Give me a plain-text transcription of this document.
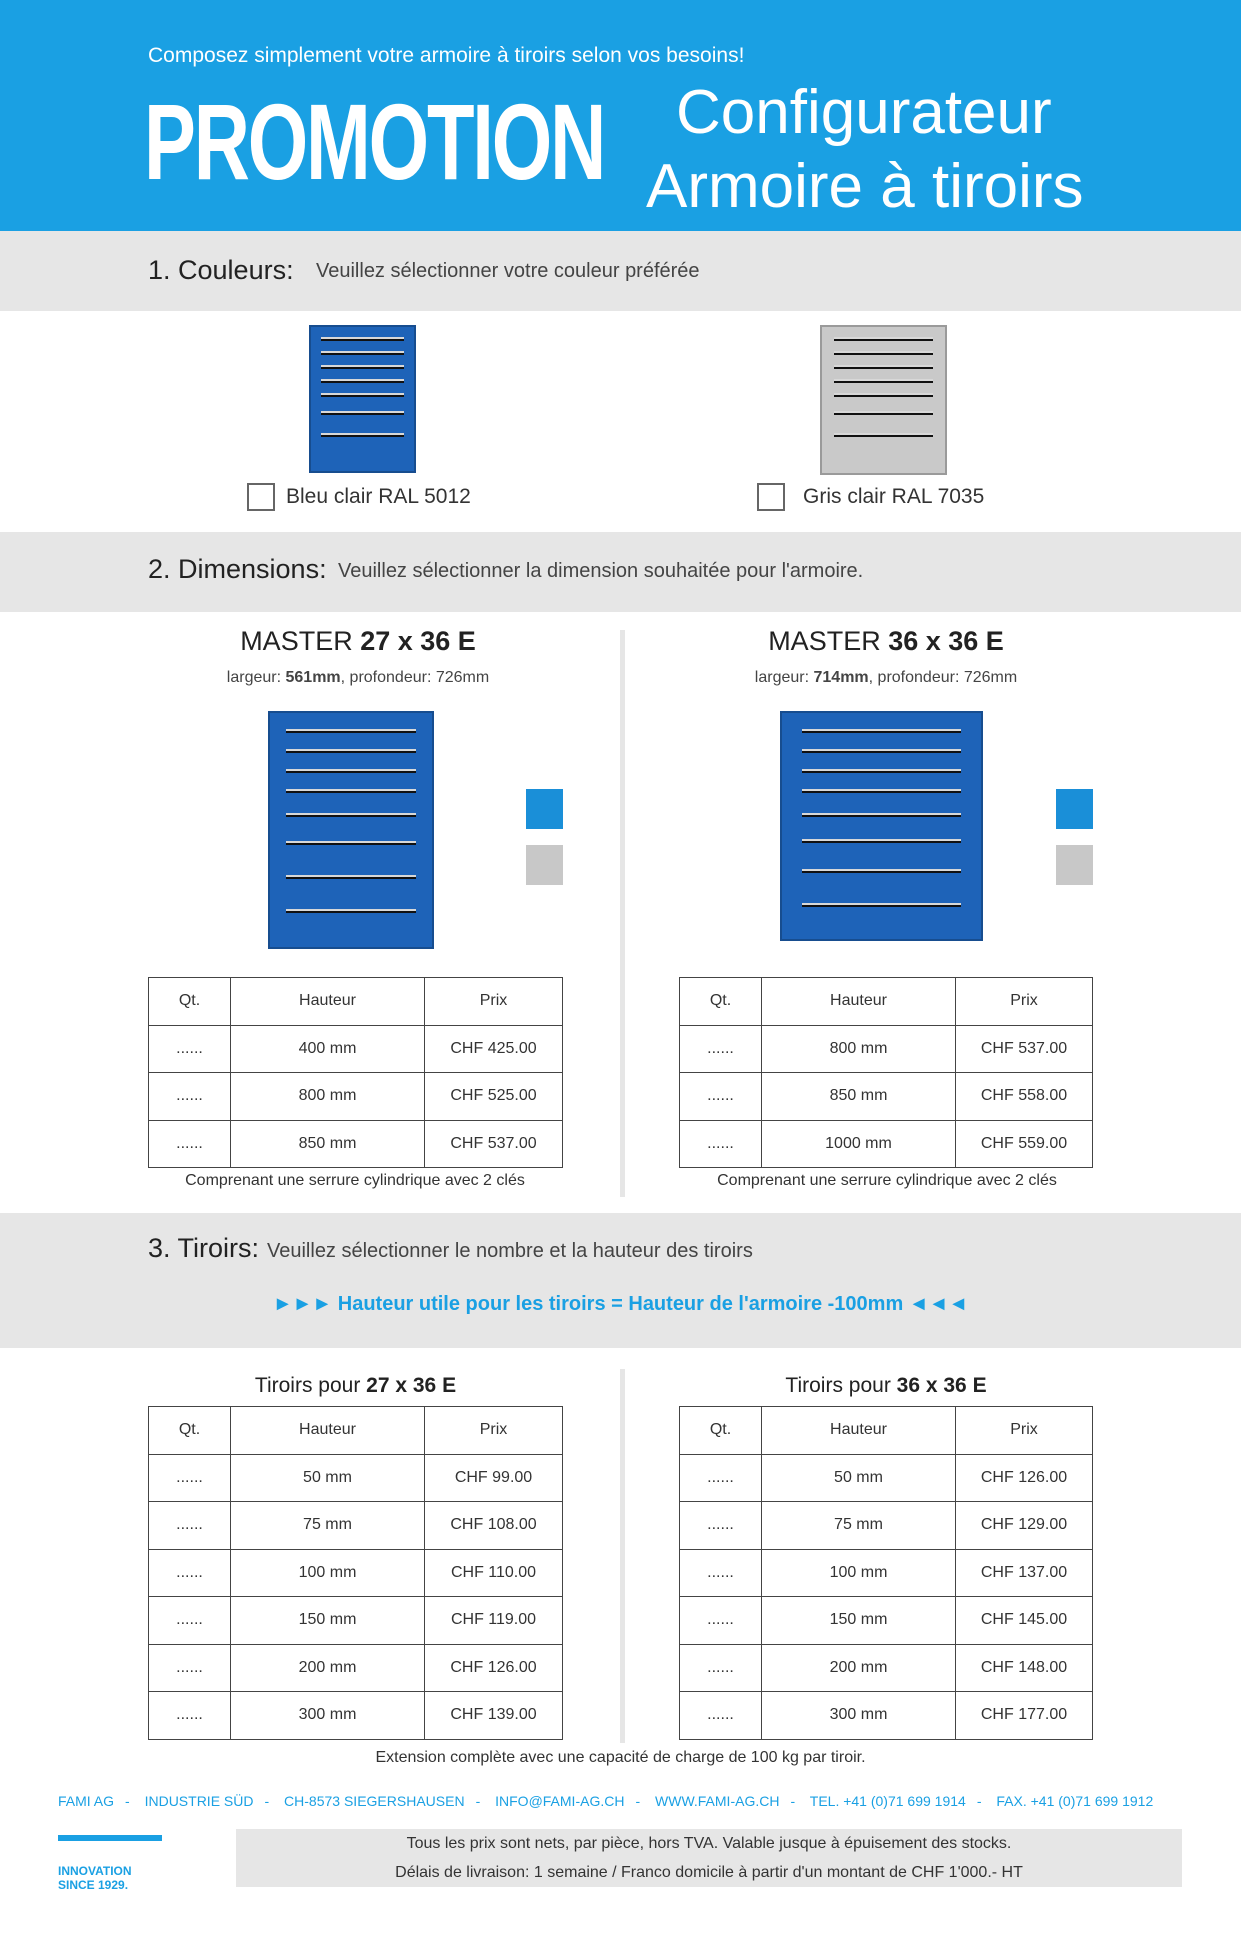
Composez simplement votre armoire à tiroirs selon vos besoins!
PROMOTION Configurateur
Armoire à tiroirs
1. Couleurs: Veuillez sélectionner votre couleur préférée
Bleu clair RAL 5012	Gris clair RAL 7035
2. Dimensions: Veuillez sélectionner la dimension souhaitée pour l'armoire.
MASTER 27 x 36 E
largeur: 561mm, profondeur: 726mm
Qt.	Hauteur	Prix
......	400 mm	CHF 425.00
......	800 mm	CHF 525.00
......	850 mm	CHF 537.00
Comprenant une serrure cylindrique avec 2 clés
MASTER 36 x 36 E
largeur: 714mm, profondeur: 726mm
Qt.	Hauteur	Prix
......	800 mm	CHF 537.00
......	850 mm	CHF 558.00
......	1000 mm	CHF 559.00
Comprenant une serrure cylindrique avec 2 clés
3. Tiroirs: Veuillez sélectionner le nombre et la hauteur des tiroirs
►►► Hauteur utile pour les tiroirs = Hauteur de l'armoire -100mm ◄◄◄
Tiroirs pour 27 x 36 E
Qt.	Hauteur	Prix
......	50 mm	CHF 99.00
......	75 mm	CHF 108.00
......	100 mm	CHF 110.00
......	150 mm	CHF 119.00
......	200 mm	CHF 126.00
......	300 mm	CHF 139.00
Tiroirs pour 36 x 36 E
Qt.	Hauteur	Prix
......	50 mm	CHF 126.00
......	75 mm	CHF 129.00
......	100 mm	CHF 137.00
......	150 mm	CHF 145.00
......	200 mm	CHF 148.00
......	300 mm	CHF 177.00
Extension complète avec une capacité de charge de 100 kg par tiroir.
FAMI AG - INDUSTRIE SÜD - CH-8573 SIEGERSHAUSEN - INFO@FAMI-AG.CH - WWW.FAMI-AG.CH - TEL. +41 (0)71 699 1914 - FAX. +41 (0)71 699 1912
INNOVATION
SINCE 1929.
Tous les prix sont nets, par pièce, hors TVA. Valable jusque à épuisement des stocks.
Délais de livraison: 1 semaine / Franco domicile à partir d'un montant de CHF 1'000.- HT
